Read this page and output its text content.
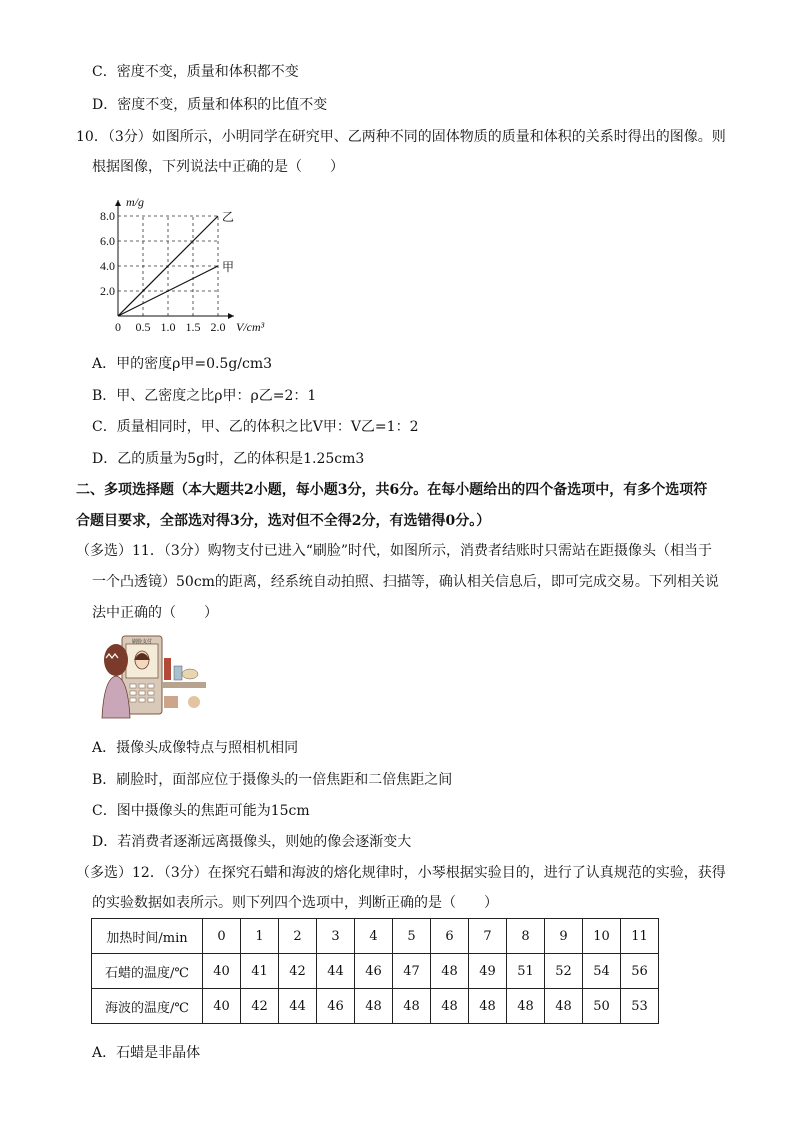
C．密度不变，质量和体积都不变
D．密度不变，质量和体积的比值不变
10．（3分）如图所示，小明同学在研究甲、乙两种不同的固体物质的质量和体积的关系时得出的图像。则
根据图像，下列说法中正确的是（　　）
2.0
4.0
6.0
8.0
0 0.5 1.0 1.5 2.0
m/g
V/cm³
乙
甲
A．甲的密度ρ甲=0.5g/cm3
B．甲、乙密度之比ρ甲：ρ乙=2：1
C．质量相同时，甲、乙的体积之比V甲：V乙=1：2
D．乙的质量为5g时，乙的体积是1.25cm3
二、多项选择题（本大题共2小题，每小题3分，共6分。在每小题给出的四个备选项中，有多个选项符
合题目要求，全部选对得3分，选对但不全得2分，有选错得0分。）
（多选）11．（3分）购物支付已进入“刷脸”时代，如图所示，消费者结账时只需站在距摄像头（相当于
一个凸透镜）50cm的距离，经系统自动拍照、扫描等，确认相关信息后，即可完成交易。下列相关说
法中正确的（　　）
刷脸支付
A．摄像头成像特点与照相机相同
B．刷脸时，面部应位于摄像头的一倍焦距和二倍焦距之间
C．图中摄像头的焦距可能为15cm
D．若消费者逐渐远离摄像头，则她的像会逐渐变大
（多选）12．（3分）在探究石蜡和海波的熔化规律时，小琴根据实验目的，进行了认真规范的实验，获得
的实验数据如表所示。则下列四个选项中，判断正确的是（　　）
加热时间/min	0	1	2	3	4	5	6	7	8	9	10	11
石蜡的温度/℃	40	41	42	44	46	47	48	49	51	52	54	56
海波的温度/℃	40	42	44	46	48	48	48	48	48	48	50	53
A．石蜡是非晶体
